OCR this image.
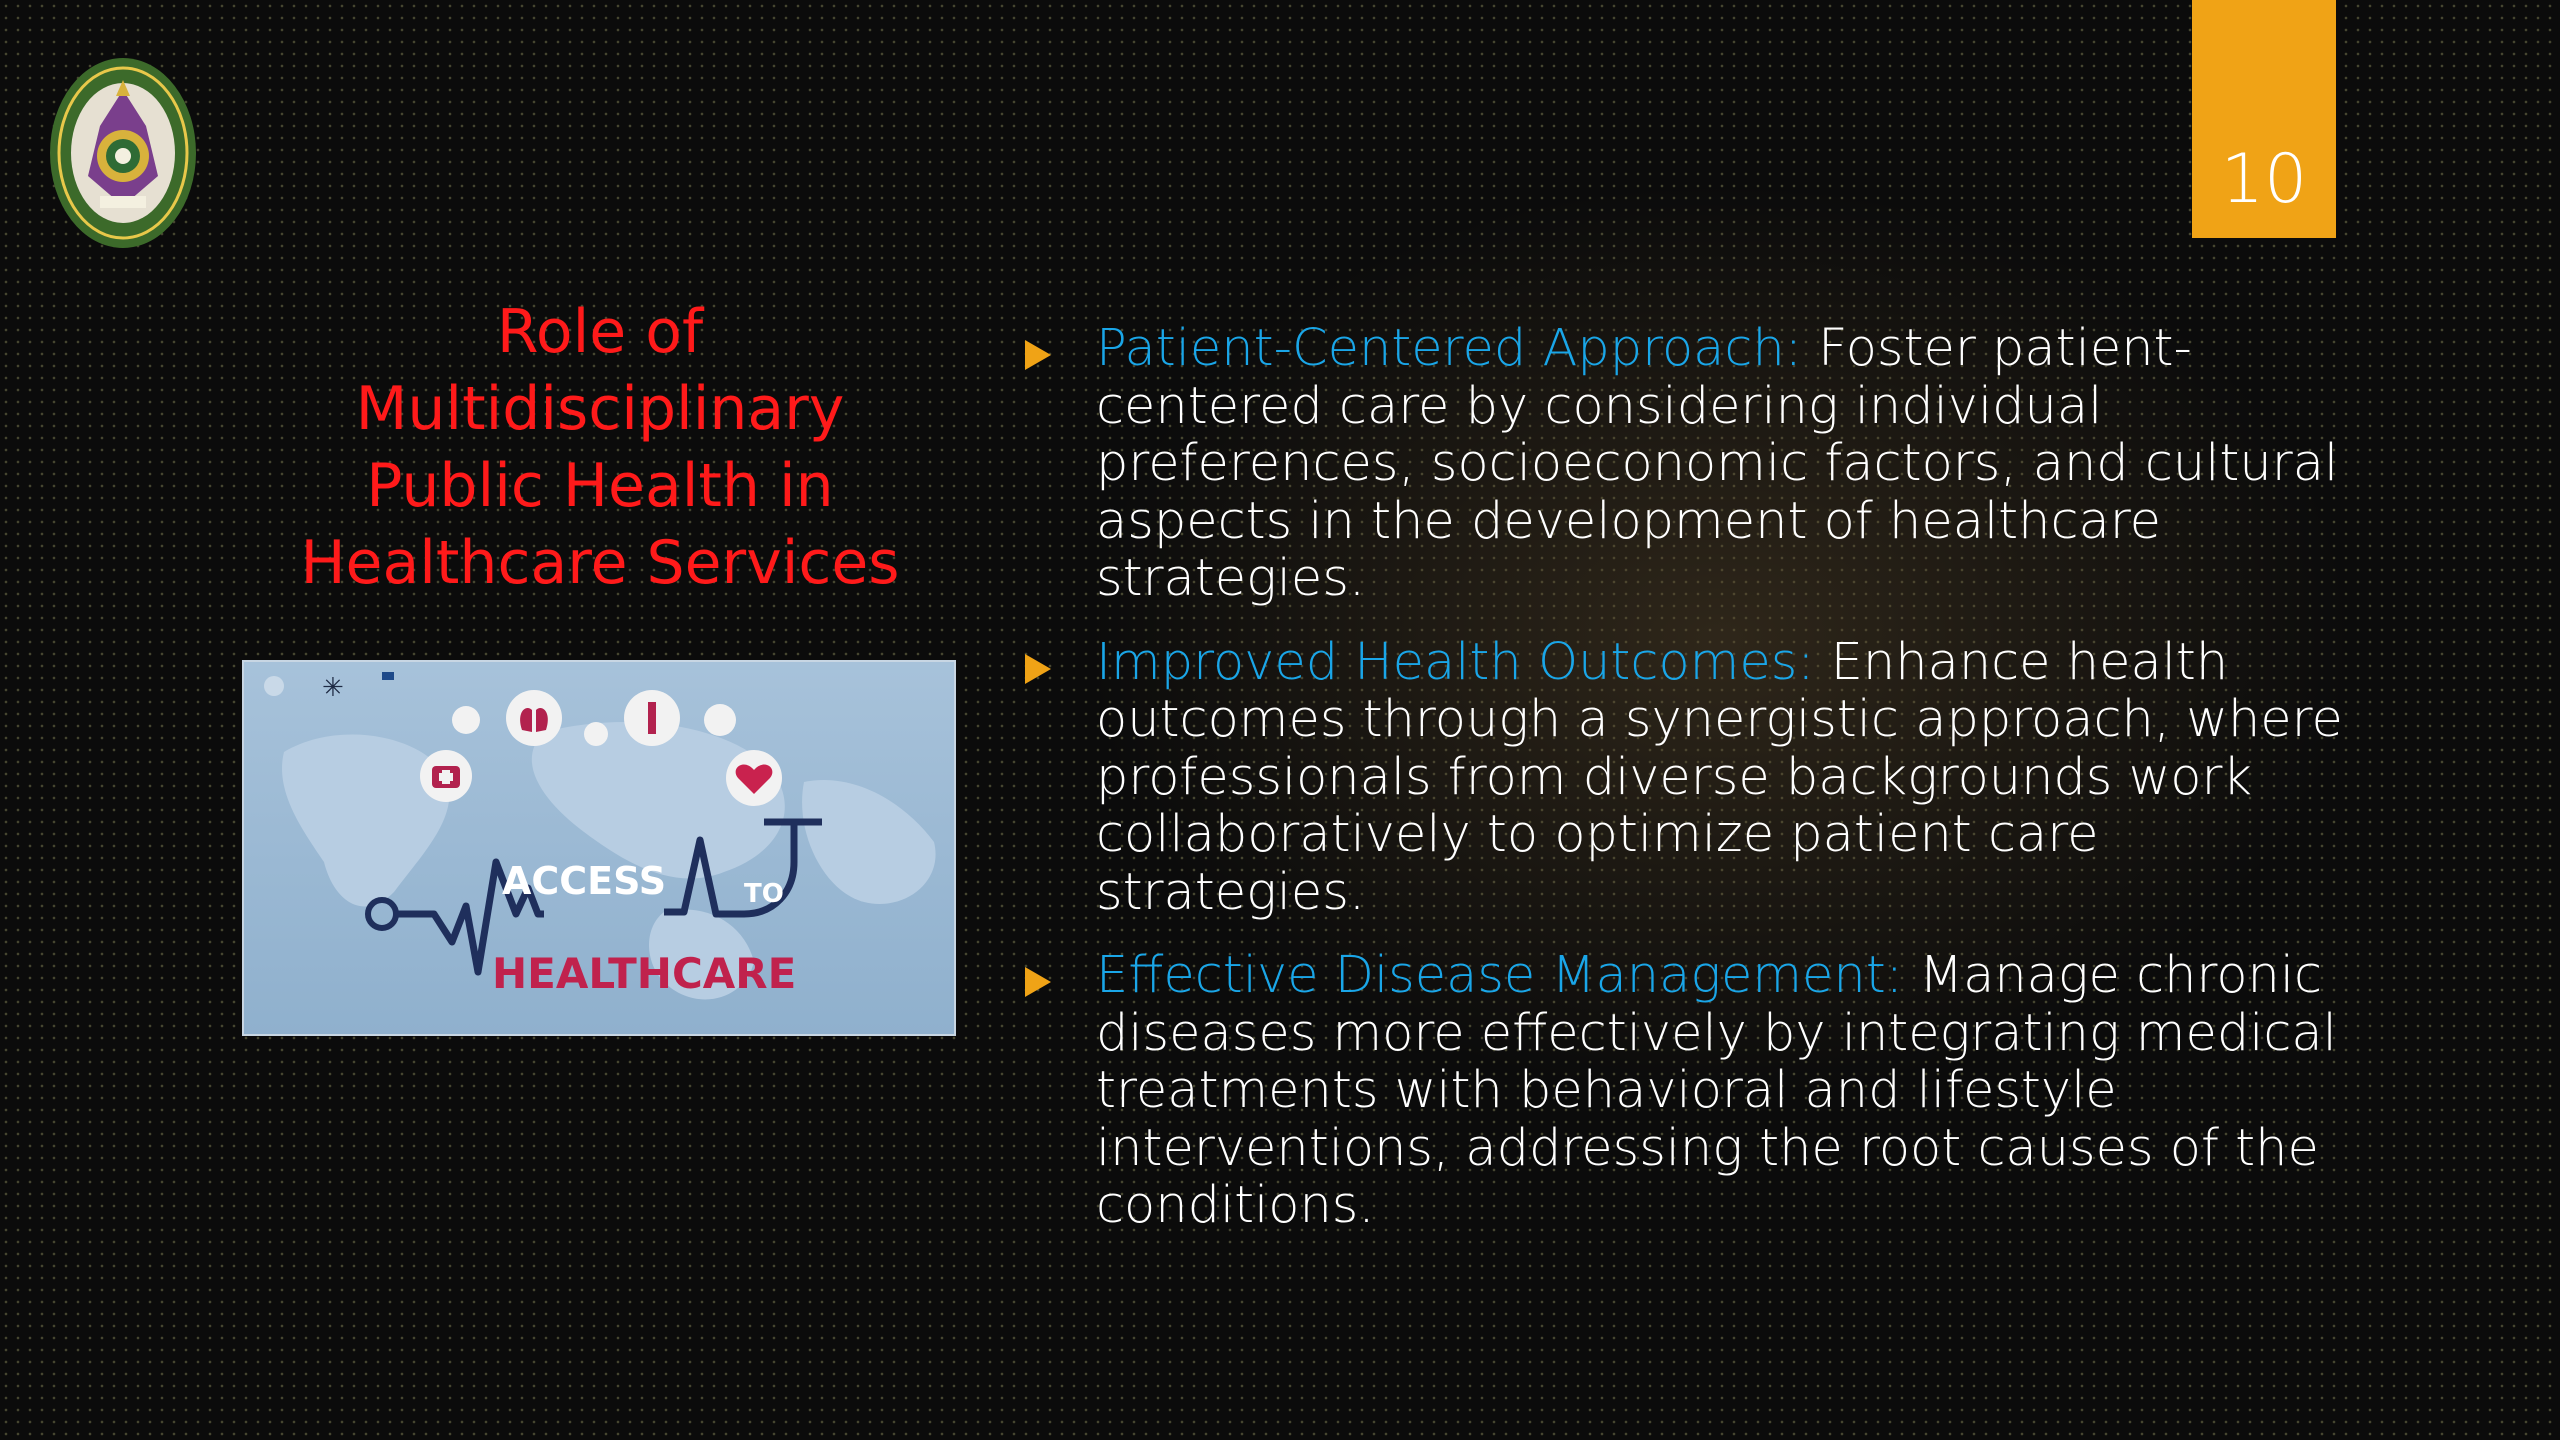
10
Role of
Multidisciplinary
Public Health in
Healthcare Services
✳
ACCESS	TO
HEALTHCARE
Patient-Centered Approach: Foster patient-centered care by considering individual preferences, socioeconomic factors, and cultural aspects in the development of healthcare strategies.
Improved Health Outcomes: Enhance health outcomes through a synergistic approach, where professionals from diverse backgrounds work collaboratively to optimize patient care strategies.
Effective Disease Management: Manage chronic diseases more effectively by integrating medical treatments with behavioral and lifestyle interventions, addressing the root causes of the conditions.
